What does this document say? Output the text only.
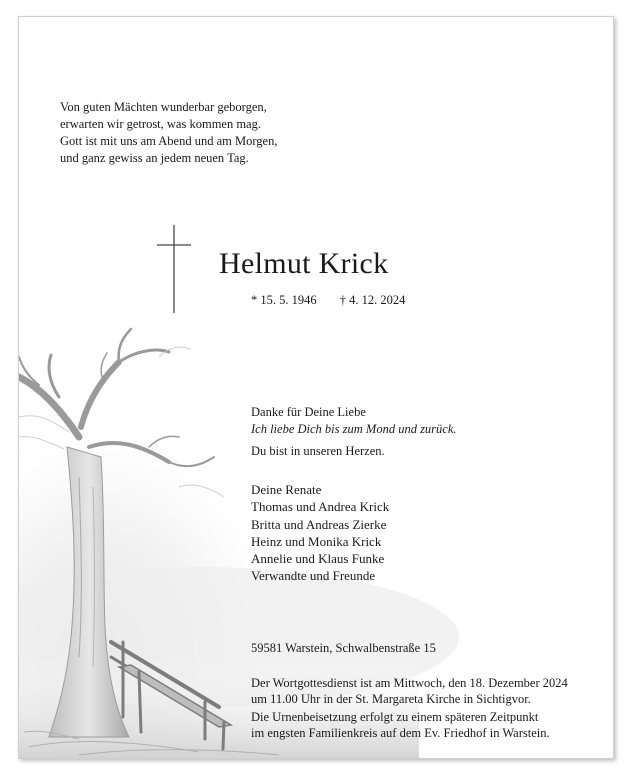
Von guten Mächten wunderbar geborgen,
erwarten wir getrost, was kommen mag.
Gott ist mit uns am Abend und am Morgen,
und ganz gewiss an jedem neuen Tag.
Helmut Krick
* 15. 5. 1946 † 4. 12. 2024
Danke für Deine Liebe
Ich liebe Dich bis zum Mond und zurück.
Du bist in unseren Herzen.
Deine Renate
Thomas und Andrea Krick
Britta und Andreas Zierke
Heinz und Monika Krick
Annelie und Klaus Funke
Verwandte und Freunde
59581 Warstein, Schwalbenstraße 15
Der Wortgottesdienst ist am Mittwoch, den 18. Dezember 2024
um 11.00 Uhr in der St. Margareta Kirche in Sichtigvor.
Die Urnenbeisetzung erfolgt zu einem späteren Zeitpunkt
im engsten Familienkreis auf dem Ev. Friedhof in Warstein.
